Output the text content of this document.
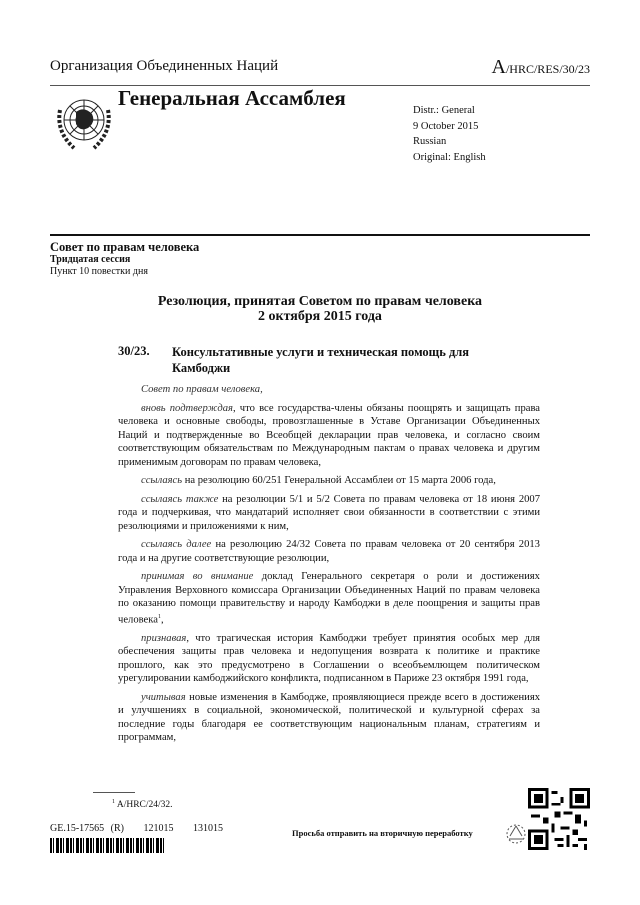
Организация Объединенных Наций	A/HRC/RES/30/23
Генеральная Ассамблея
Distr.: General
9 October 2015
Russian
Original: English
Совет по правам человека
Тридцатая сессия
Пункт 10 повестки дня
Резолюция, принятая Советом по правам человека
2 октября 2015 года
30/23. Консультативные услуги и техническая помощь для Камбоджи
Совет по правам человека,
вновь подтверждая, что все государства-члены обязаны поощрять и защищать права человека и основные свободы, провозглашенные в Уставе Организации Объединенных Наций и подтвержденные во Всеобщей декларации прав человека, и согласно своим соответствующим обязательствам по Международным пактам о правах человека и другим применимым договорам по правам человека,
ссылаясь на резолюцию 60/251 Генеральной Ассамблеи от 15 марта 2006 года,
ссылаясь также на резолюции 5/1 и 5/2 Совета по правам человека от 18 июня 2007 года и подчеркивая, что мандатарий исполняет свои обязанности в соответствии с этими резолюциями и приложениями к ним,
ссылаясь далее на резолюцию 24/32 Совета по правам человека от 20 сентября 2013 года и на другие соответствующие резолюции,
принимая во внимание доклад Генерального секретаря о роли и достижениях Управления Верховного комиссара Организации Объединенных Наций по правам человека по оказанию помощи правительству и народу Камбоджи в деле поощрения и защиты прав человека$^1$,
признавая, что трагическая история Камбоджи требует принятия особых мер для обеспечения защиты прав человека и недопущения возврата к политике и практике прошлого, как это предусмотрено в Соглашении о всеобъемлющем политическом урегулировании камбоджийского конфликта, подписанном в Париже 23 октября 1991 года,
учитывая новые изменения в Камбодже, проявляющиеся прежде всего в достижениях и улучшениях в социальной, экономической, политической и культурной сферах за последние годы благодаря ее соответствующим национальным планам, стратегиям и программам,
$^1$ A/HRC/24/32.
GE.15-17565 (R)   121015   131015	Просьба отправить на вторичную переработку
